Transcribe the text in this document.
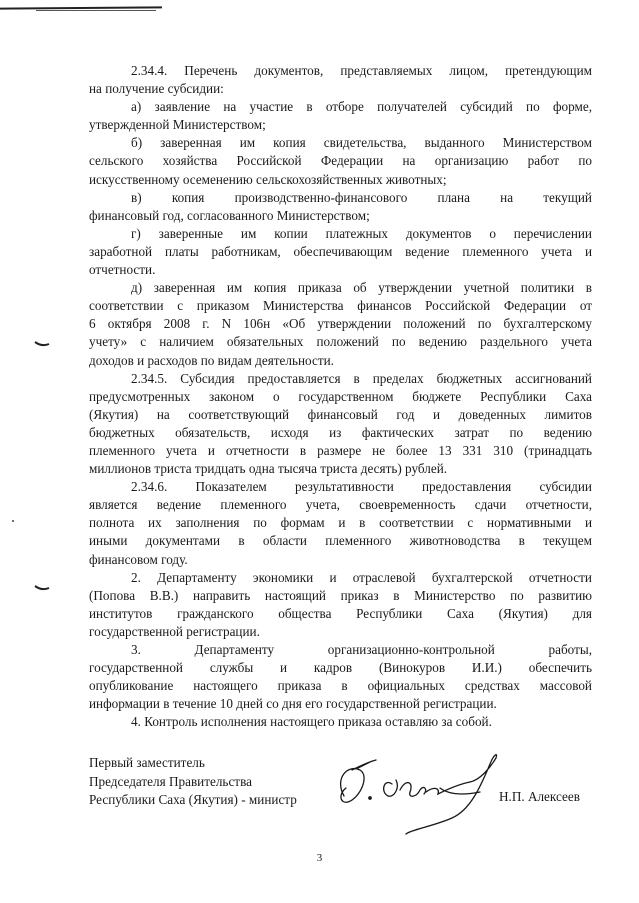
2.34.4. Перечень документов, представляемых лицом, претендующим
на получение субсидии:
а) заявление на участие в отборе получателей субсидий по форме,
утвержденной Министерством;
б) заверенная им копия свидетельства, выданного Министерством
сельского хозяйства Российской Федерации на организацию работ по
искусственному осеменению сельскохозяйственных животных;
в) копия производственно-финансового плана на текущий
финансовый год, согласованного Министерством;
г) заверенные им копии платежных документов о перечислении
заработной платы работникам, обеспечивающим ведение племенного учета и
отчетности.
д) заверенная им копия приказа об утверждении учетной политики в
соответствии с приказом Министерства финансов Российской Федерации от
6 октября 2008 г. N 106н «Об утверждении положений по бухгалтерскому
учету» с наличием обязательных положений по ведению раздельного учета
доходов и расходов по видам деятельности.
2.34.5. Субсидия предоставляется в пределах бюджетных ассигнований
предусмотренных законом о государственном бюджете Республики Саха
(Якутия) на соответствующий финансовый год и доведенных лимитов
бюджетных обязательств, исходя из фактических затрат по ведению
племенного учета и отчетности в размере не более 13 331 310 (тринадцать
миллионов триста тридцать одна тысяча триста десять) рублей.
2.34.6. Показателем результативности предоставления субсидии
является ведение племенного учета, своевременность сдачи отчетности,
полнота их заполнения по формам и в соответствии с нормативными и
иными документами в области племенного животноводства в текущем
финансовом году.
2. Департаменту экономики и отраслевой бухгалтерской отчетности
(Попова В.В.) направить настоящий приказ в Министерство по развитию
институтов гражданского общества Республики Саха (Якутия) для
государственной регистрации.
3. Департаменту организационно-контрольной работы,
государственной службы и кадров (Винокуров И.И.) обеспечить
опубликование настоящего приказа в официальных средствах массовой
информации в течение 10 дней со дня его государственной регистрации.
4. Контроль исполнения настоящего приказа оставляю за собой.
Первый заместитель
Председателя Правительства
Республики Саха (Якутия) - министр	Н.П. Алексеев
3
